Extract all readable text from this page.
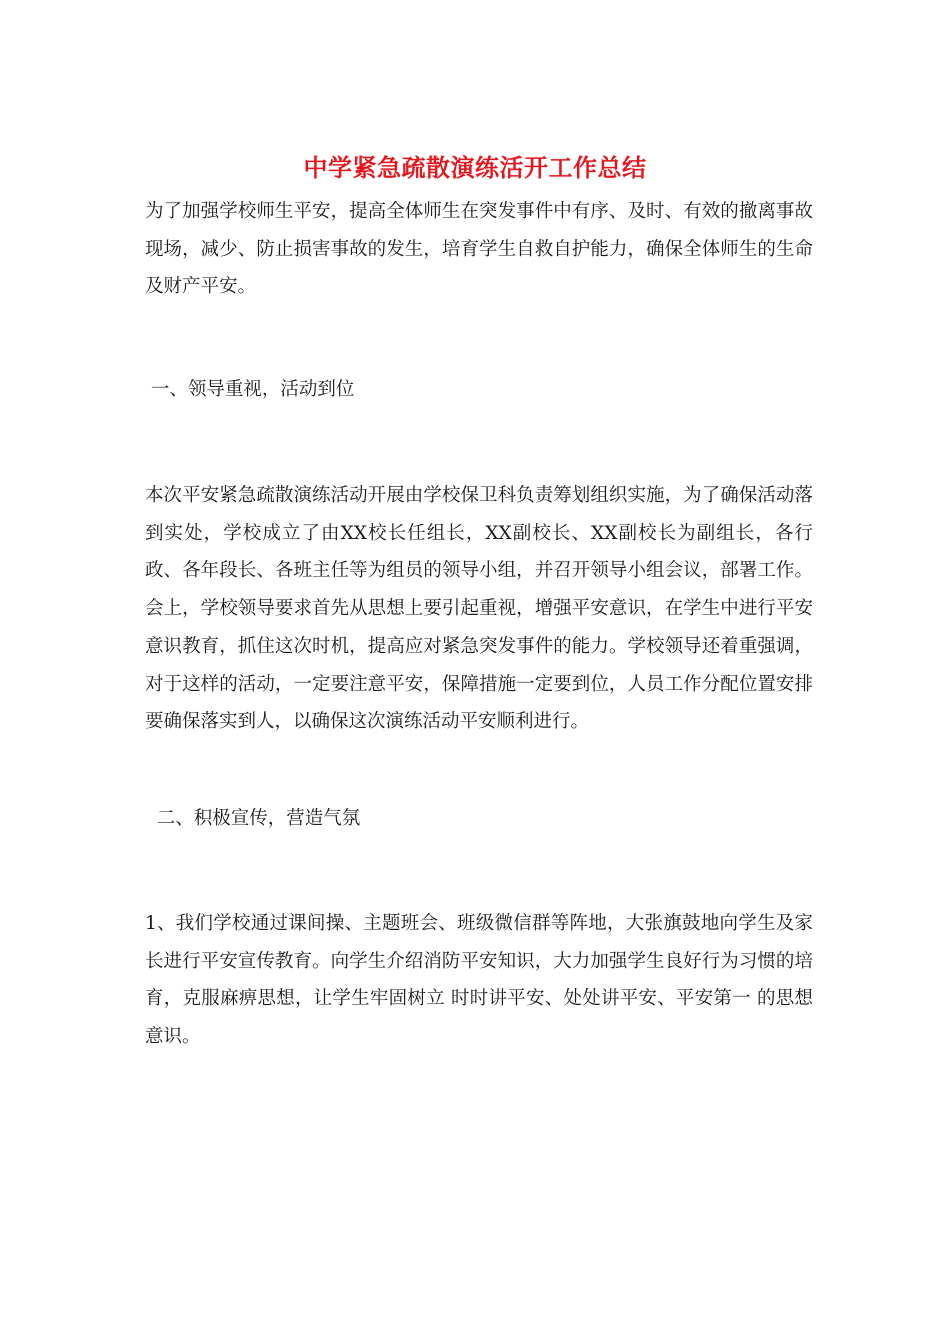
中学紧急疏散演练活开工作总结

为了加强学校师生平安，提高全体师生在突发事件中有序、及时、有效的撤离事故现场，减少、防止损害事故的发生，培育学生自救自护能力，确保全体师生的生命及财产平安。

一、领导重视，活动到位

本次平安紧急疏散演练活动开展由学校保卫科负责筹划组织实施，为了确保活动落到实处，学校成立了由XX校长任组长，XX副校长、XX副校长为副组长，各行政、各年段长、各班主任等为组员的领导小组，并召开领导小组会议，部署工作。会上，学校领导要求首先从思想上要引起重视，增强平安意识，在学生中进行平安意识教育，抓住这次时机，提高应对紧急突发事件的能力。学校领导还着重强调，对于这样的活动，一定要注意平安，保障措施一定要到位，人员工作分配位置安排要确保落实到人，以确保这次演练活动平安顺利进行。

二、积极宣传，营造气氛

1、我们学校通过课间操、主题班会、班级微信群等阵地，大张旗鼓地向学生及家长进行平安宣传教育。向学生介绍消防平安知识，大力加强学生良好行为习惯的培育，克服麻痹思想，让学生牢固树立 时时讲平安、处处讲平安、平安第一 的思想意识。
